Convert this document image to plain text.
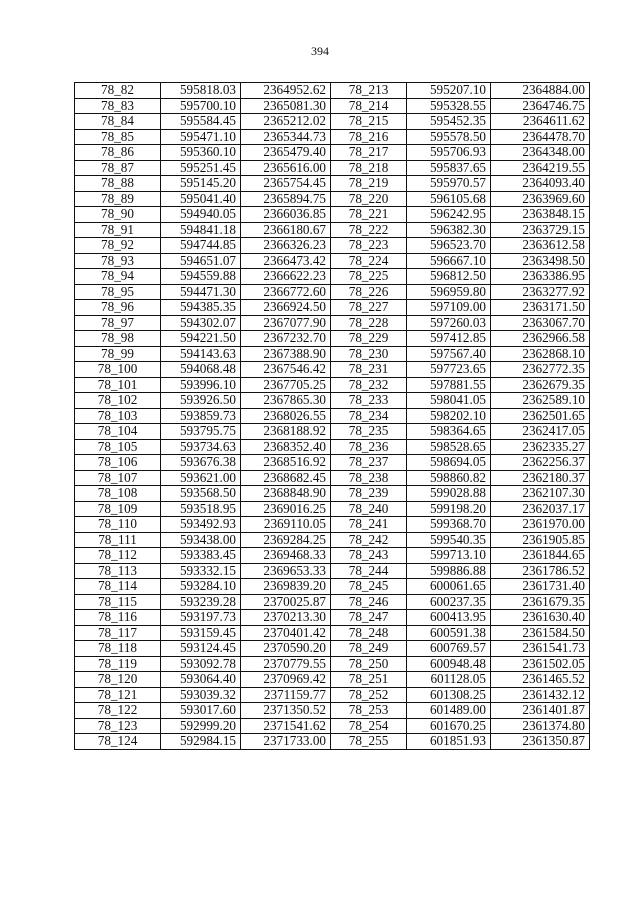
394
78_82	595818.03	2364952.62	78_213	595207.10	2364884.00
78_83	595700.10	2365081.30	78_214	595328.55	2364746.75
78_84	595584.45	2365212.02	78_215	595452.35	2364611.62
78_85	595471.10	2365344.73	78_216	595578.50	2364478.70
78_86	595360.10	2365479.40	78_217	595706.93	2364348.00
78_87	595251.45	2365616.00	78_218	595837.65	2364219.55
78_88	595145.20	2365754.45	78_219	595970.57	2364093.40
78_89	595041.40	2365894.75	78_220	596105.68	2363969.60
78_90	594940.05	2366036.85	78_221	596242.95	2363848.15
78_91	594841.18	2366180.67	78_222	596382.30	2363729.15
78_92	594744.85	2366326.23	78_223	596523.70	2363612.58
78_93	594651.07	2366473.42	78_224	596667.10	2363498.50
78_94	594559.88	2366622.23	78_225	596812.50	2363386.95
78_95	594471.30	2366772.60	78_226	596959.80	2363277.92
78_96	594385.35	2366924.50	78_227	597109.00	2363171.50
78_97	594302.07	2367077.90	78_228	597260.03	2363067.70
78_98	594221.50	2367232.70	78_229	597412.85	2362966.58
78_99	594143.63	2367388.90	78_230	597567.40	2362868.10
78_100	594068.48	2367546.42	78_231	597723.65	2362772.35
78_101	593996.10	2367705.25	78_232	597881.55	2362679.35
78_102	593926.50	2367865.30	78_233	598041.05	2362589.10
78_103	593859.73	2368026.55	78_234	598202.10	2362501.65
78_104	593795.75	2368188.92	78_235	598364.65	2362417.05
78_105	593734.63	2368352.40	78_236	598528.65	2362335.27
78_106	593676.38	2368516.92	78_237	598694.05	2362256.37
78_107	593621.00	2368682.45	78_238	598860.82	2362180.37
78_108	593568.50	2368848.90	78_239	599028.88	2362107.30
78_109	593518.95	2369016.25	78_240	599198.20	2362037.17
78_110	593492.93	2369110.05	78_241	599368.70	2361970.00
78_111	593438.00	2369284.25	78_242	599540.35	2361905.85
78_112	593383.45	2369468.33	78_243	599713.10	2361844.65
78_113	593332.15	2369653.33	78_244	599886.88	2361786.52
78_114	593284.10	2369839.20	78_245	600061.65	2361731.40
78_115	593239.28	2370025.87	78_246	600237.35	2361679.35
78_116	593197.73	2370213.30	78_247	600413.95	2361630.40
78_117	593159.45	2370401.42	78_248	600591.38	2361584.50
78_118	593124.45	2370590.20	78_249	600769.57	2361541.73
78_119	593092.78	2370779.55	78_250	600948.48	2361502.05
78_120	593064.40	2370969.42	78_251	601128.05	2361465.52
78_121	593039.32	2371159.77	78_252	601308.25	2361432.12
78_122	593017.60	2371350.52	78_253	601489.00	2361401.87
78_123	592999.20	2371541.62	78_254	601670.25	2361374.80
78_124	592984.15	2371733.00	78_255	601851.93	2361350.87
